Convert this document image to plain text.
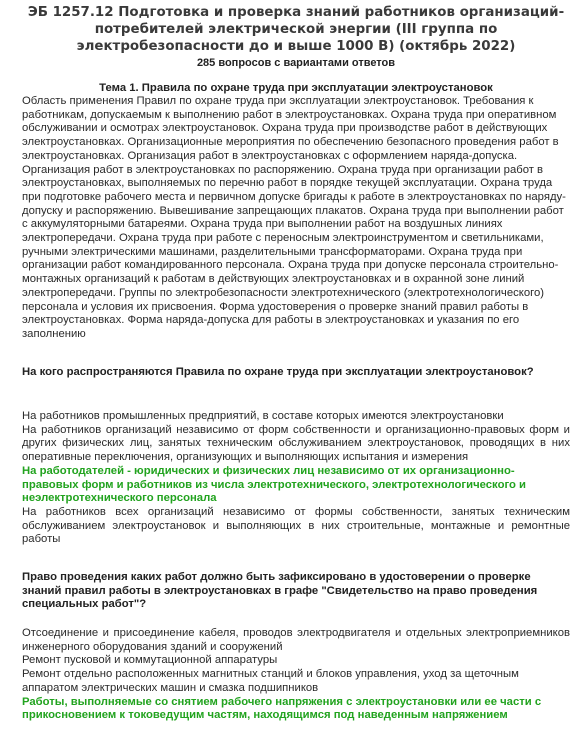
ЭБ 1257.12 Подготовка и проверка знаний работников организаций-потребителей электрической энергии (III группа по электробезопасности до и выше 1000 В) (октябрь 2022)

285 вопросов с вариантами ответов

Тема 1. Правила по охране труда при эксплуатации электроустановок

Область применения Правил по охране труда при эксплуатации электроустановок. Требования к работникам, допускаемым к выполнению работ в электроустановках. Охрана труда при оперативном обслуживании и осмотрах электроустановок. Охрана труда при производстве работ в действующих электроустановках. Организационные мероприятия по обеспечению безопасного проведения работ в электроустановках. Организация работ в электроустановках с оформлением наряда-допуска. Организация работ в электроустановках по распоряжению. Охрана труда при организации работ в электроустановках, выполняемых по перечню работ в порядке текущей эксплуатации. Охрана труда при подготовке рабочего места и первичном допуске бригады к работе в электроустановках по наряду-допуску и распоряжению. Вывешивание запрещающих плакатов. Охрана труда при выполнении работ с аккумуляторными батареями. Охрана труда при выполнении работ на воздушных линиях электропередачи. Охрана труда при работе с переносным электроинструментом и светильниками, ручными электрическими машинами, разделительными трансформаторами. Охрана труда при организации работ командированного персонала. Охрана труда при допуске персонала строительно-монтажных организаций к работам в действующих электроустановках и в охранной зоне линий электропередачи. Группы по электробезопасности электротехнического (электротехнологического) персонала и условия их присвоения. Форма удостоверения о проверке знаний правил работы в электроустановках. Форма наряда-допуска для работы в электроустановках и указания по его заполнению

На кого распространяются Правила по охране труда при эксплуатации электроустановок?

На работников промышленных предприятий, в составе которых имеются электроустановки

На работников организаций независимо от форм собственности и организационно-правовых форм и других физических лиц, занятых техническим обслуживанием электроустановок, проводящих в них оперативные переключения, организующих и выполняющих испытания и измерения

На работодателей - юридических и физических лиц независимо от их организационно-правовых форм и работников из числа электротехнического, электротехнологического и неэлектротехнического персонала

На работников всех организаций независимо от формы собственности, занятых техническим обслуживанием электроустановок и выполняющих в них строительные, монтажные и ремонтные работы

Право проведения каких работ должно быть зафиксировано в удостоверении о проверке знаний правил работы в электроустановках в графе "Свидетельство на право проведения специальных работ"?

Отсоединение и присоединение кабеля, проводов электродвигателя и отдельных электроприемников инженерного оборудования зданий и сооружений

Ремонт пусковой и коммутационной аппаратуры

Ремонт отдельно расположенных магнитных станций и блоков управления, уход за щеточным аппаратом электрических машин и смазка подшипников

Работы, выполняемые со снятием рабочего напряжения с электроустановки или ее части с прикосновением к токоведущим частям, находящимся под наведенным напряжением
